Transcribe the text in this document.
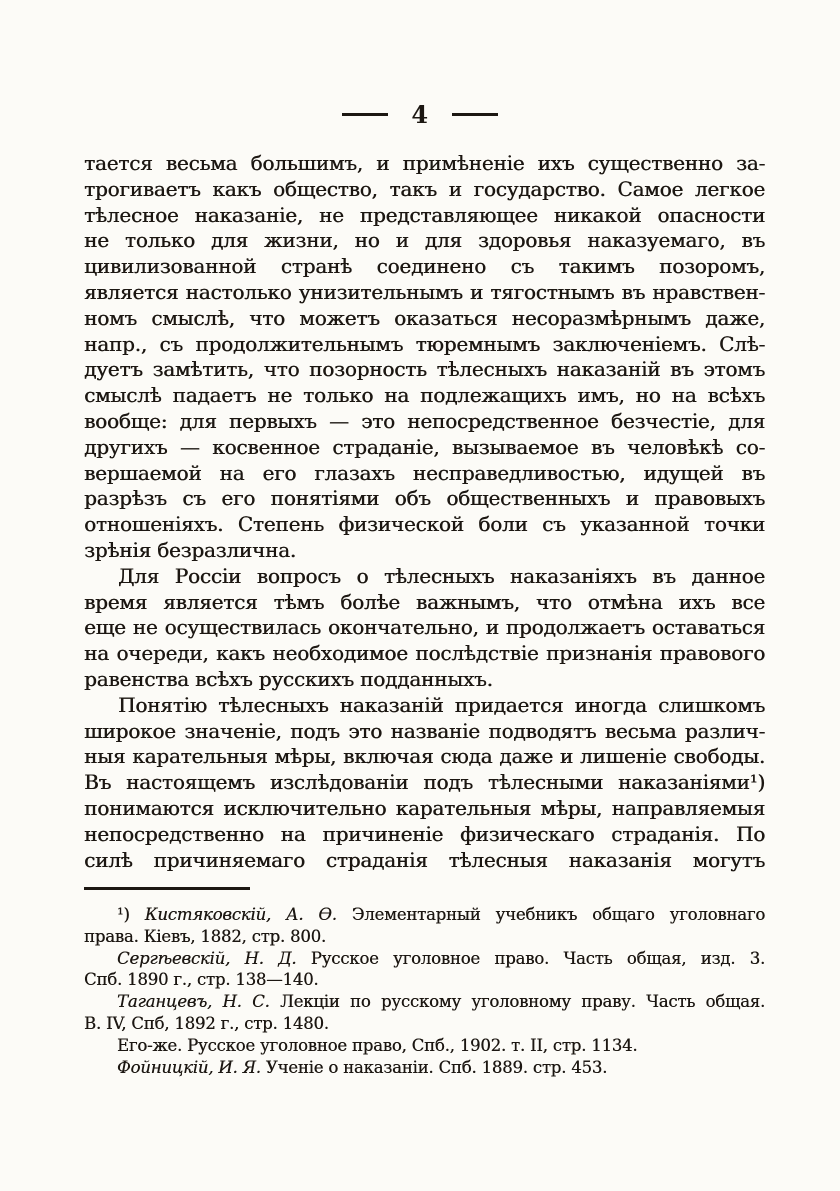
4
тается весьма большимъ, и примѣненіе ихъ существенно за-
трогиваетъ какъ общество, такъ и государство. Самое легкое
тѣлесное наказаніе, не представляющее никакой опасности
не только для жизни, но и для здоровья наказуемаго, въ
цивилизованной странѣ соединено съ такимъ позоромъ,
является настолько унизительнымъ и тягостнымъ въ нравствен-
номъ смыслѣ, что можетъ оказаться несоразмѣрнымъ даже,
напр., съ продолжительнымъ тюремнымъ заключеніемъ. Слѣ-
дуетъ замѣтить, что позорность тѣлесныхъ наказаній въ этомъ
смыслѣ падаетъ не только на подлежащихъ имъ, но на всѣхъ
вообще: для первыхъ — это непосредственное безчестіе, для
другихъ — косвенное страданіе, вызываемое въ человѣкѣ со-
вершаемой на его глазахъ несправедливостью, идущей въ
разрѣзъ съ его понятіями объ общественныхъ и правовыхъ
отношеніяхъ. Степень физической боли съ указанной точки
зрѣнія безразлична.
Для Россіи вопросъ о тѣлесныхъ наказаніяхъ въ данное
время является тѣмъ болѣе важнымъ, что отмѣна ихъ все
еще не осуществилась окончательно, и продолжаетъ оставаться
на очереди, какъ необходимое послѣдствіе признанія правового
равенства всѣхъ русскихъ подданныхъ.
Понятію тѣлесныхъ наказаній придается иногда слишкомъ
широкое значеніе, подъ это названіе подводятъ весьма различ-
ныя карательныя мѣры, включая сюда даже и лишеніе свободы.
Въ настоящемъ изслѣдованіи подъ тѣлесными наказаніями¹)
понимаются исключительно карательныя мѣры, направляемыя
непосредственно на причиненіе физическаго страданія. По
силѣ причиняемаго страданія тѣлесныя наказанія могутъ
¹) Кистяковскій, А. Ѳ. Элементарный учебникъ общаго уголовнаго
права. Кіевъ, 1882, стр. 800.
Сергѣевскій, Н. Д. Русское уголовное право. Часть общая, изд. 3.
Спб. 1890 г., стр. 138—140.
Таганцевъ, Н. С. Лекціи по русскому уголовному праву. Часть общая.
В. IV, Спб, 1892 г., стр. 1480.
Его-же. Русское уголовное право, Спб., 1902. т. II, стр. 1134.
Фойницкій, И. Я. Ученіе о наказаніи. Спб. 1889. стр. 453.
